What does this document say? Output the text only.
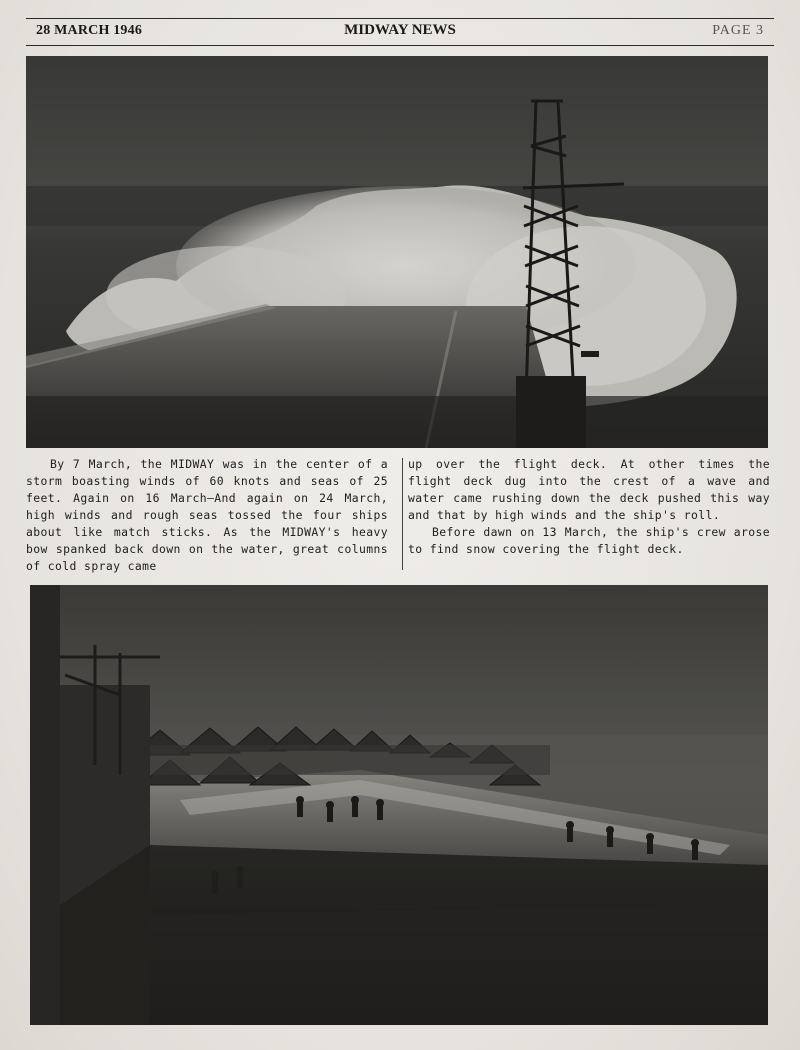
28 MARCH 1946	MIDWAY NEWS	PAGE 3

By 7 March, the MIDWAY was in the center of a storm boasting winds of 60 knots and seas of 25 feet. Again on 16 March—And again on 24 March, high winds and rough seas tossed the four ships about like match sticks. As the MIDWAY's heavy bow spanked back down on the water, great columns of cold spray came

up over the flight deck. At other times the flight deck dug into the crest of a wave and water came rushing down the deck pushed this way and that by high winds and the ship's roll.

Before dawn on 13 March, the ship's crew arose to find snow covering the flight deck.
